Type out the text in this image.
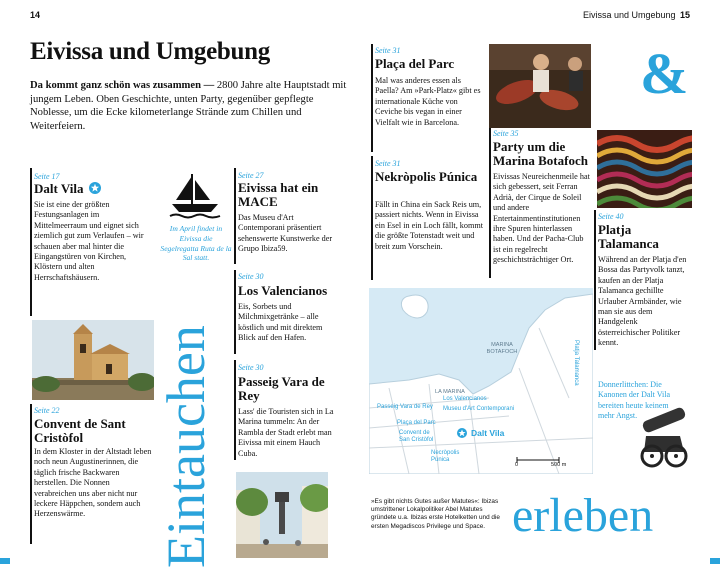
14	Eivissa und Umgebung 15
Eivissa und Umgebung
Da kommt ganz schön was zusammen — 2800 Jahre alte Hauptstadt mit jungem Leben. Oben Geschichte, unten Party, gegenüber gepflegte Noblesse, um die Ecke kilometerlange Strände zum Chillen und Weiterfeiern.
Eintauchen
&
erleben
Seite 17
Dalt Vila
Sie ist eine der größten Festungsanlagen im Mittelmeerraum und eignet sich ziemlich gut zum Verlaufen – wir schauen aber mal hinter die Eingangstüren von Kirchen, Klöstern und alten Herrschaftshäusern.
Seite 22
Convent de Sant Cristòfol
In dem Kloster in der Altstadt leben noch neun Augustinerinnen, die täglich frische Backwaren herstellen. Die Nonnen verabreichen uns aber nicht nur leckere Häppchen, sondern auch Herzenswärme.
Im April findet in Eivissa die Segelregatta Ruta de la Sal statt.
Seite 27
Eivissa hat ein MACE
Das Museu d'Art Contemporani präsentiert sehenswerte Kunstwerke der Grupo Ibiza59.
Seite 30
Los Valencianos
Eis, Sorbets und Milchmixgetränke – alle köstlich und mit direktem Blick auf den Hafen.
Seite 30
Passeig Vara de Rey
Lass' die Touristen sich in La Marina tummeln: An der Rambla der Stadt erlebt man Eivissa mit einem Hauch Cuba.
Seite 31
Plaça del Parc
Mal was anderes essen als Paella? Am »Park-Platz« gibt es internationale Küche von Ceviche bis vegan in einer Vielfalt wie in Barcelona.
Seite 31
Nekròpolis Púnica
Fällt in China ein Sack Reis um, passiert nichts. Wenn in Eivissa ein Esel in ein Loch fällt, kommt die größte Totenstadt weit und breit zum Vorschein.
Seite 35
Party um die Marina Botafoch
Eivissas Neureichenmeile hat sich gebessert, seit Ferran Adrià, der Cirque de Soleil und andere Entertainmentinstitutionen ihre Spuren hinterlassen haben. Und der Pacha-Club ist ein regelrecht geschichtsträchtiger Ort.
Seite 40
Platja Talamanca
Während an der Platja d'en Bossa das Partyvolk tanzt, kaufen an der Platja Talamanca gechillte Urlauber Armbänder, wie man sie aus dem Handgelenk österreichischer Politiker kennt.
Donnerlittchen: Die Kanonen der Dalt Vila bereiten heute keinem mehr Angst.
MARINA BOTAFOCH
LA MARINA
Passeig Vara de Rey
Los Valencianos
Museu d'Art Contemporani
Plaça del Parc
Convent de San Cristòfol
Necròpolis Púnica
Dalt Vila
Platja Talamanca
0	500 m
»Es gibt nichts Gutes außer Matutes«: Ibizas umstrittener Lokalpolitiker Abel Matutes gründete u.a. Ibizas erste Hotelketten und die ersten Megadiscos Privilege und Space.
